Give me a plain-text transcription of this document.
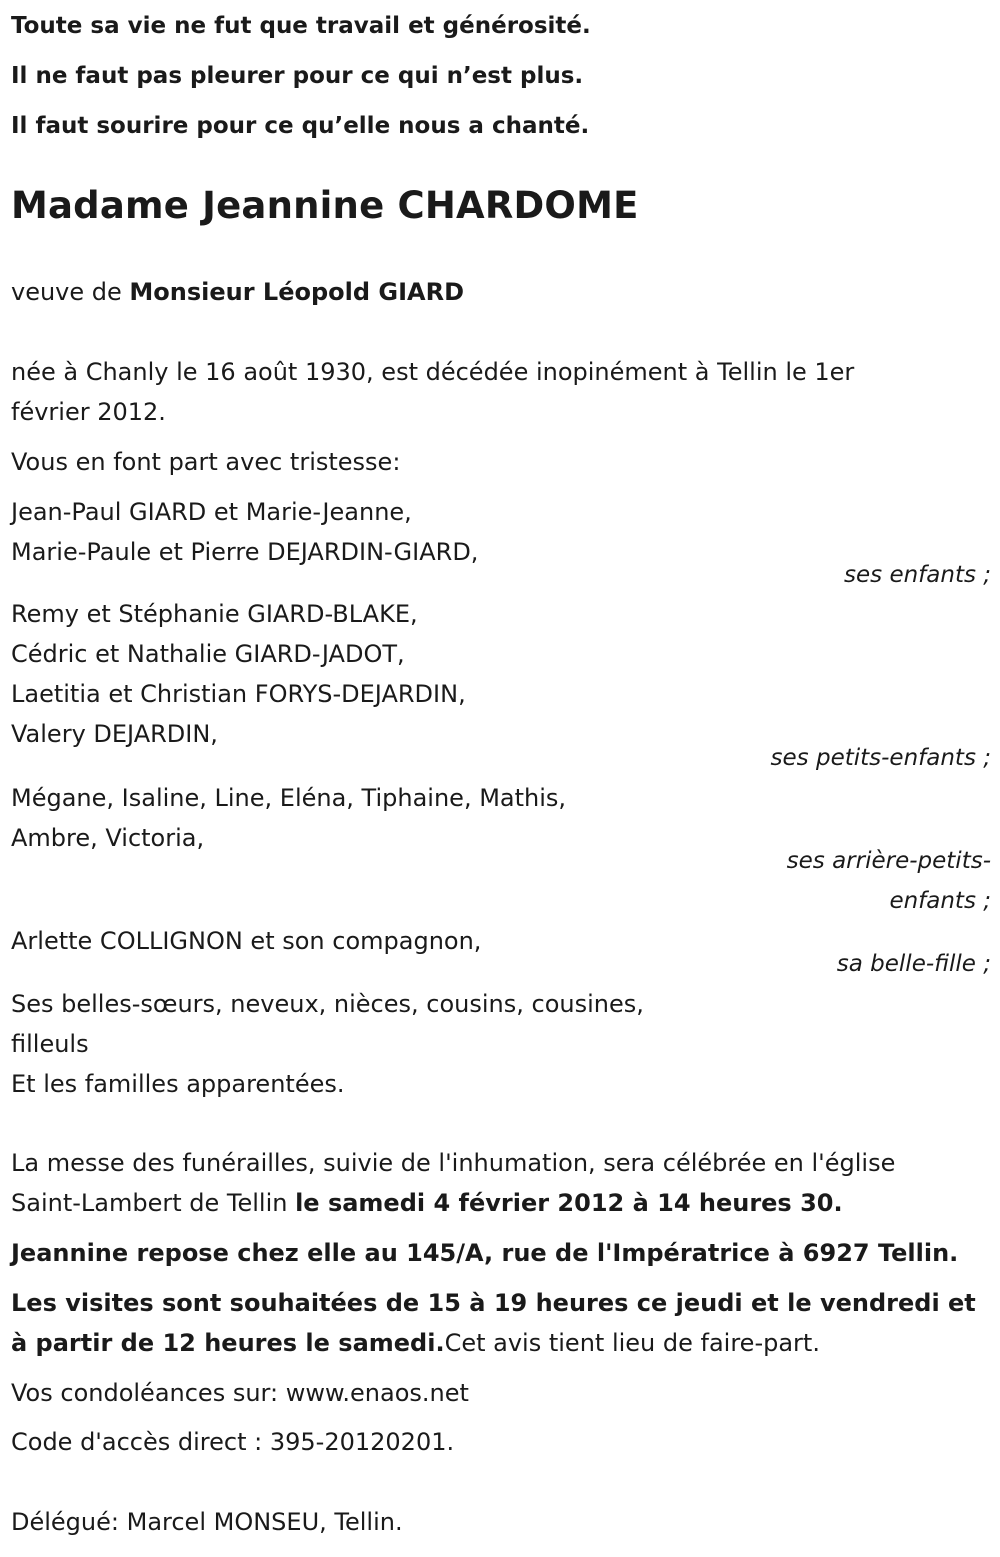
Toute sa vie ne fut que travail et générosité.

Il ne faut pas pleurer pour ce qui n’est plus.

Il faut sourire pour ce qu’elle nous a chanté.

Madame Jeannine CHARDOME

veuve de Monsieur Léopold GIARD

née à Chanly le 16 août 1930, est décédée inopinément à Tellin le 1er
février 2012.

Vous en font part avec tristesse:

Jean-Paul GIARD et Marie-Jeanne,
Marie-Paule et Pierre DEJARDIN-GIARD,

ses enfants ;

Remy et Stéphanie GIARD-BLAKE,
Cédric et Nathalie GIARD-JADOT,
Laetitia et Christian FORYS-DEJARDIN,
Valery DEJARDIN,

ses petits-enfants ;

Mégane, Isaline, Line, Eléna, Tiphaine, Mathis,
Ambre, Victoria,

ses arrière-petits-
enfants ;

Arlette COLLIGNON et son compagnon,

sa belle-fille ;

Ses belles-sœurs, neveux, nièces, cousins, cousines,
filleuls
Et les familles apparentées.

La messe des funérailles, suivie de l'inhumation, sera célébrée en l'église
Saint-Lambert de Tellin le samedi 4 février 2012 à 14 heures 30.

Jeannine repose chez elle au 145/A, rue de l'Impératrice à 6927 Tellin.

Les visites sont souhaitées de 15 à 19 heures ce jeudi et le vendredi et
à partir de 12 heures le samedi.Cet avis tient lieu de faire-part.

Vos condoléances sur: www.enaos.net

Code d'accès direct : 395-20120201.

Délégué: Marcel MONSEU, Tellin.
